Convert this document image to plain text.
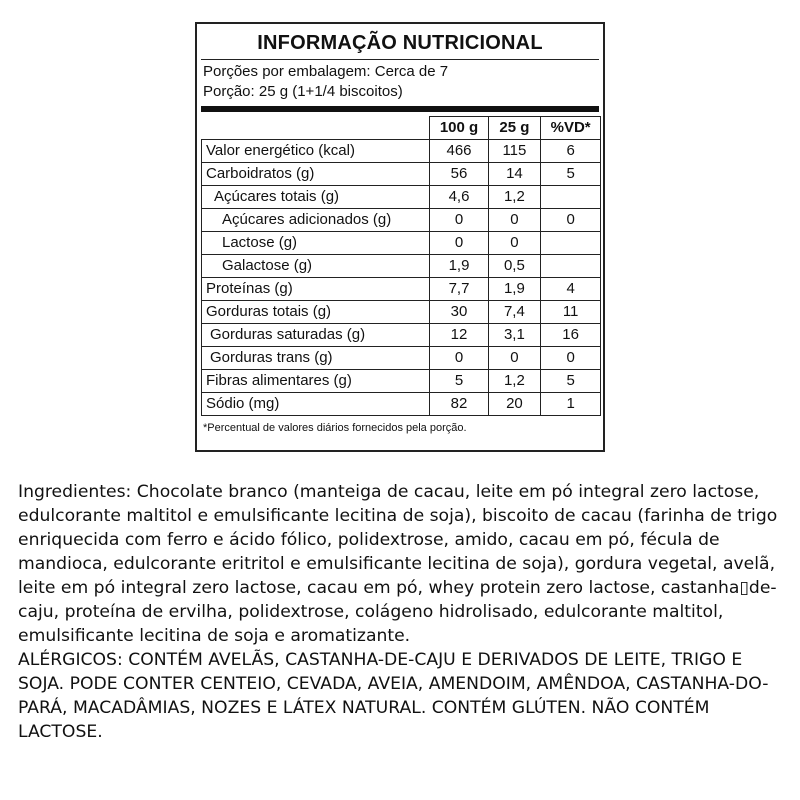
INFORMAÇÃO NUTRICIONAL
Porções por embalagem: Cerca de 7
Porção: 25 g (1+1/4 biscoitos)
	100 g	25 g	%VD*
Valor energético (kcal)	466	115	6
Carboidratos (g)	56	14	5
Açúcares totais (g)	4,6	1,2	
Açúcares adicionados (g)	0	0	0
Lactose (g)	0	0	
Galactose (g)	1,9	0,5	
Proteínas (g)	7,7	1,9	4
Gorduras totais (g)	30	7,4	11
Gorduras saturadas (g)	12	3,1	16
Gorduras trans (g)	0	0	0
Fibras alimentares (g)	5	1,2	5
Sódio (mg)	82	20	1
*Percentual de valores diários fornecidos pela porção.

Ingredientes: Chocolate branco (manteiga de cacau, leite em pó integral zero lactose, edulcorante maltitol e emulsificante lecitina de soja), biscoito de cacau (farinha de trigo enriquecida com ferro e ácido fólico, polidextrose, amido, cacau em pó, fécula de mandioca, edulcorante eritritol e emulsificante lecitina de soja), gordura vegetal, avelã, leite em pó integral zero lactose, cacau em pó, whey protein zero lactose, castanha▯de-caju, proteína de ervilha, polidextrose, colágeno hidrolisado, edulcorante maltitol, emulsificante lecitina de soja e aromatizante.

ALÉRGICOS: CONTÉM AVELÃS, CASTANHA-DE-CAJU E DERIVADOS DE LEITE, TRIGO E SOJA. PODE CONTER CENTEIO, CEVADA, AVEIA, AMENDOIM, AMÊNDOA, CASTANHA-DO-PARÁ, MACADÂMIAS, NOZES E LÁTEX NATURAL. CONTÉM GLÚTEN. NÃO CONTÉM LACTOSE.
